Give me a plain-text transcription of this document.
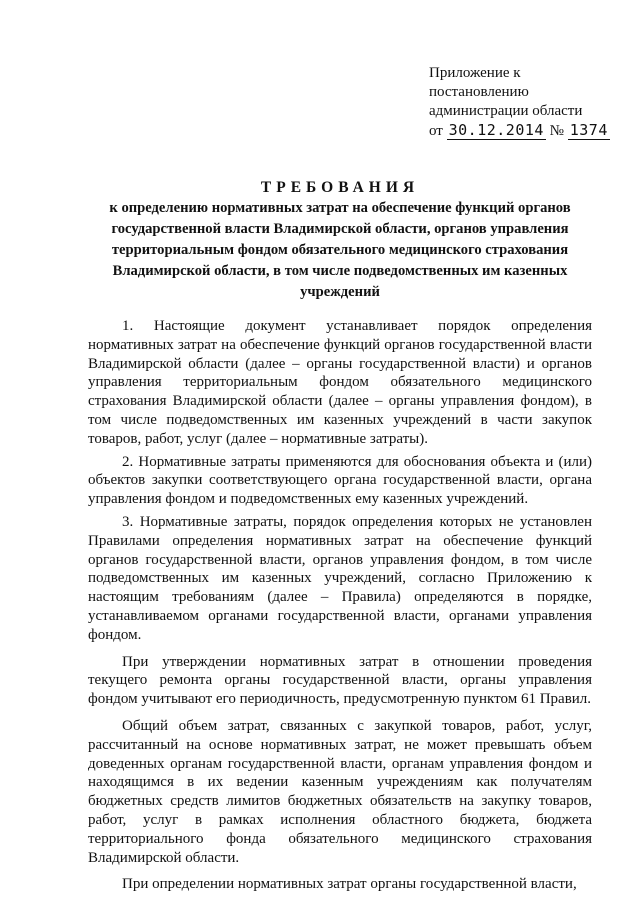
Приложение к
постановлению
администрации области
от 30.12.2014 № 1374
ТРЕБОВАНИЯ
к определению нормативных затрат на обеспечение функций органов государственной власти Владимирской области, органов управления территориальным фондом обязательного медицинского страхования Владимирской области, в том числе подведомственных им казенных учреждений

1. Настоящие документ устанавливает порядок определения нормативных затрат на обеспечение функций органов государственной власти Владимирской области (далее – органы государственной власти) и органов управления территориальным фондом обязательного медицинского страхования Владимирской области (далее – органы управления фондом), в том числе подведомственных им казенных учреждений в части закупок товаров, работ, услуг (далее – нормативные затраты).

2. Нормативные затраты применяются для обоснования объекта и (или) объектов закупки соответствующего органа государственной власти, органа управления фондом и подведомственных ему казенных учреждений.

3. Нормативные затраты, порядок определения которых не установлен Правилами определения нормативных затрат на обеспечение функций органов государственной власти, органов управления фондом, в том числе подведомственных им казенных учреждений, согласно Приложению к настоящим требованиям (далее – Правила) определяются в порядке, устанавливаемом органами государственной власти, органами управления фондом.

При утверждении нормативных затрат в отношении проведения текущего ремонта органы государственной власти, органы управления фондом учитывают его периодичность, предусмотренную пунктом 61 Правил.

Общий объем затрат, связанных с закупкой товаров, работ, услуг, рассчитанный на основе нормативных затрат, не может превышать объем доведенных органам государственной власти, органам управления фондом и находящимся в их ведении казенным учреждениям как получателям бюджетных средств лимитов бюджетных обязательств на закупку товаров, работ, услуг в рамках исполнения областного бюджета, бюджета территориального фонда обязательного медицинского страхования Владимирской области.

При определении нормативных затрат органы государственной власти,
